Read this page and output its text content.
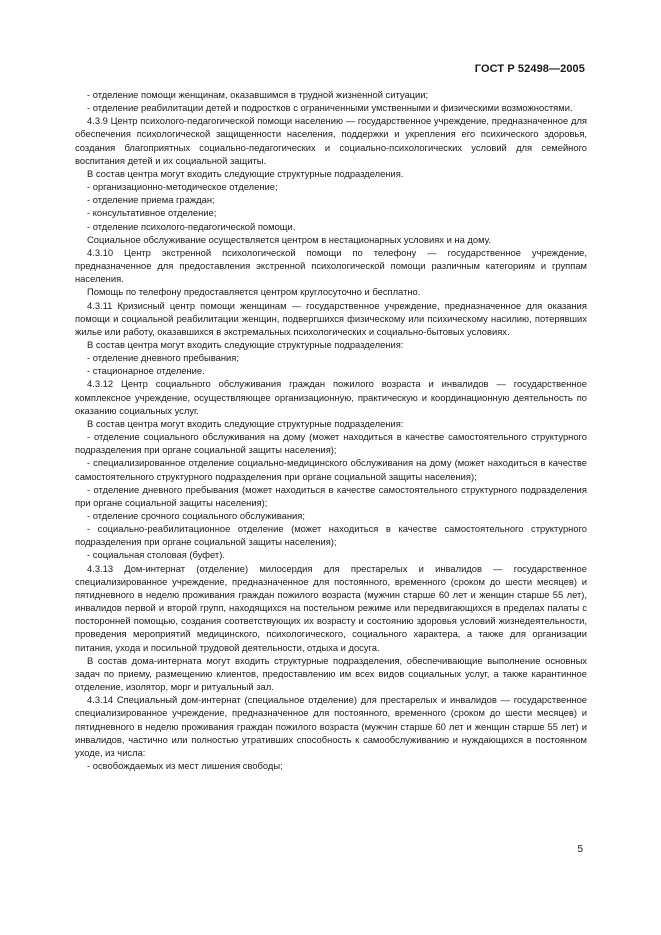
ГОСТ Р 52498—2005

- отделение помощи женщинам, оказавшимся в трудной жизненной ситуации;

- отделение реабилитации детей и подростков с ограниченными умственными и физическими возможностями.

4.3.9 Центр психолого-педагогической помощи населению — государственное учреждение, предназначенное для обеспечения психологической защищенности населения, поддержки и укрепления его психического здоровья, создания благоприятных социально-педагогических и социально-психологических условий для семейного воспитания детей и их социальной защиты.

В состав центра могут входить следующие структурные подразделения.

- организационно-методическое отделение;

- отделение приема граждан;

- консультативное отделение;

- отделение психолого-педагогической помощи.

Социальное обслуживание осуществляется центром в нестационарных условиях и на дому.

4.3.10 Центр экстренной психологической помощи по телефону — государственное учреждение, предназначенное для предоставления экстренной психологической помощи различным категориям и группам населения.

Помощь по телефону предоставляется центром круглосуточно и бесплатно.

4.3.11 Кризисный центр помощи женщинам — государственное учреждение, предназначенное для оказания помощи и социальной реабилитации женщин, подвергшихся физическому или психическому насилию, потерявших жилье или работу, оказавшихся в экстремальных психологических и социально-бытовых условиях.

В состав центра могут входить следующие структурные подразделения:

- отделение дневного пребывания;

- стационарное отделение.

4.3.12 Центр социального обслуживания граждан пожилого возраста и инвалидов — государственное комплексное учреждение, осуществляющее организационную, практическую и координационную деятельность по оказанию социальных услуг.

В состав центра могут входить следующие структурные подразделения:

- отделение социального обслуживания на дому (может находиться в качестве самостоятельного структурного подразделения при органе социальной защиты населения);

- специализированное отделение социально-медицинского обслуживания на дому (может находиться в качестве самостоятельного структурного подразделения при органе социальной защиты населения);

- отделение дневного пребывания (может находиться в качестве самостоятельного структурного подразделения при органе социальной защиты населения);

- отделение срочного социального обслуживания;

- социально-реабилитационное отделение (может находиться в качестве самостоятельного структурного подразделения при органе социальной защиты населения);

- социальная столовая (буфет).

4.3.13 Дом-интернат (отделение) милосердия для престарелых и инвалидов — государственное специализированное учреждение, предназначенное для постоянного, временного (сроком до шести месяцев) и пятидневного в неделю проживания граждан пожилого возраста (мужчин старше 60 лет и женщин старше 55 лет), инвалидов первой и второй групп, находящихся на постельном режиме или передвигающихся в пределах палаты с посторонней помощью, создания соответствующих их возрасту и состоянию здоровья условий жизнедеятельности, проведения мероприятий медицинского, психологического, социального характера, а также для организации питания, ухода и посильной трудовой деятельности, отдыха и досуга.

В состав дома-интерната могут входить структурные подразделения, обеспечивающие выполнение основных задач по приему, размещению клиентов, предоставлению им всех видов социальных услуг, а также карантинное отделение, изолятор, морг и ритуальный зал.

4.3.14 Специальный дом-интернат (специальное отделение) для престарелых и инвалидов — государственное специализированное учреждение, предназначенное для постоянного, временного (сроком до шести месяцев) и пятидневного в неделю проживания граждан пожилого возраста (мужчин старше 60 лет и женщин старше 55 лет) и инвалидов, частично или полностью утративших способность к самообслуживанию и нуждающихся в постоянном уходе, из числа:

- освобождаемых из мест лишения свободы;

5
